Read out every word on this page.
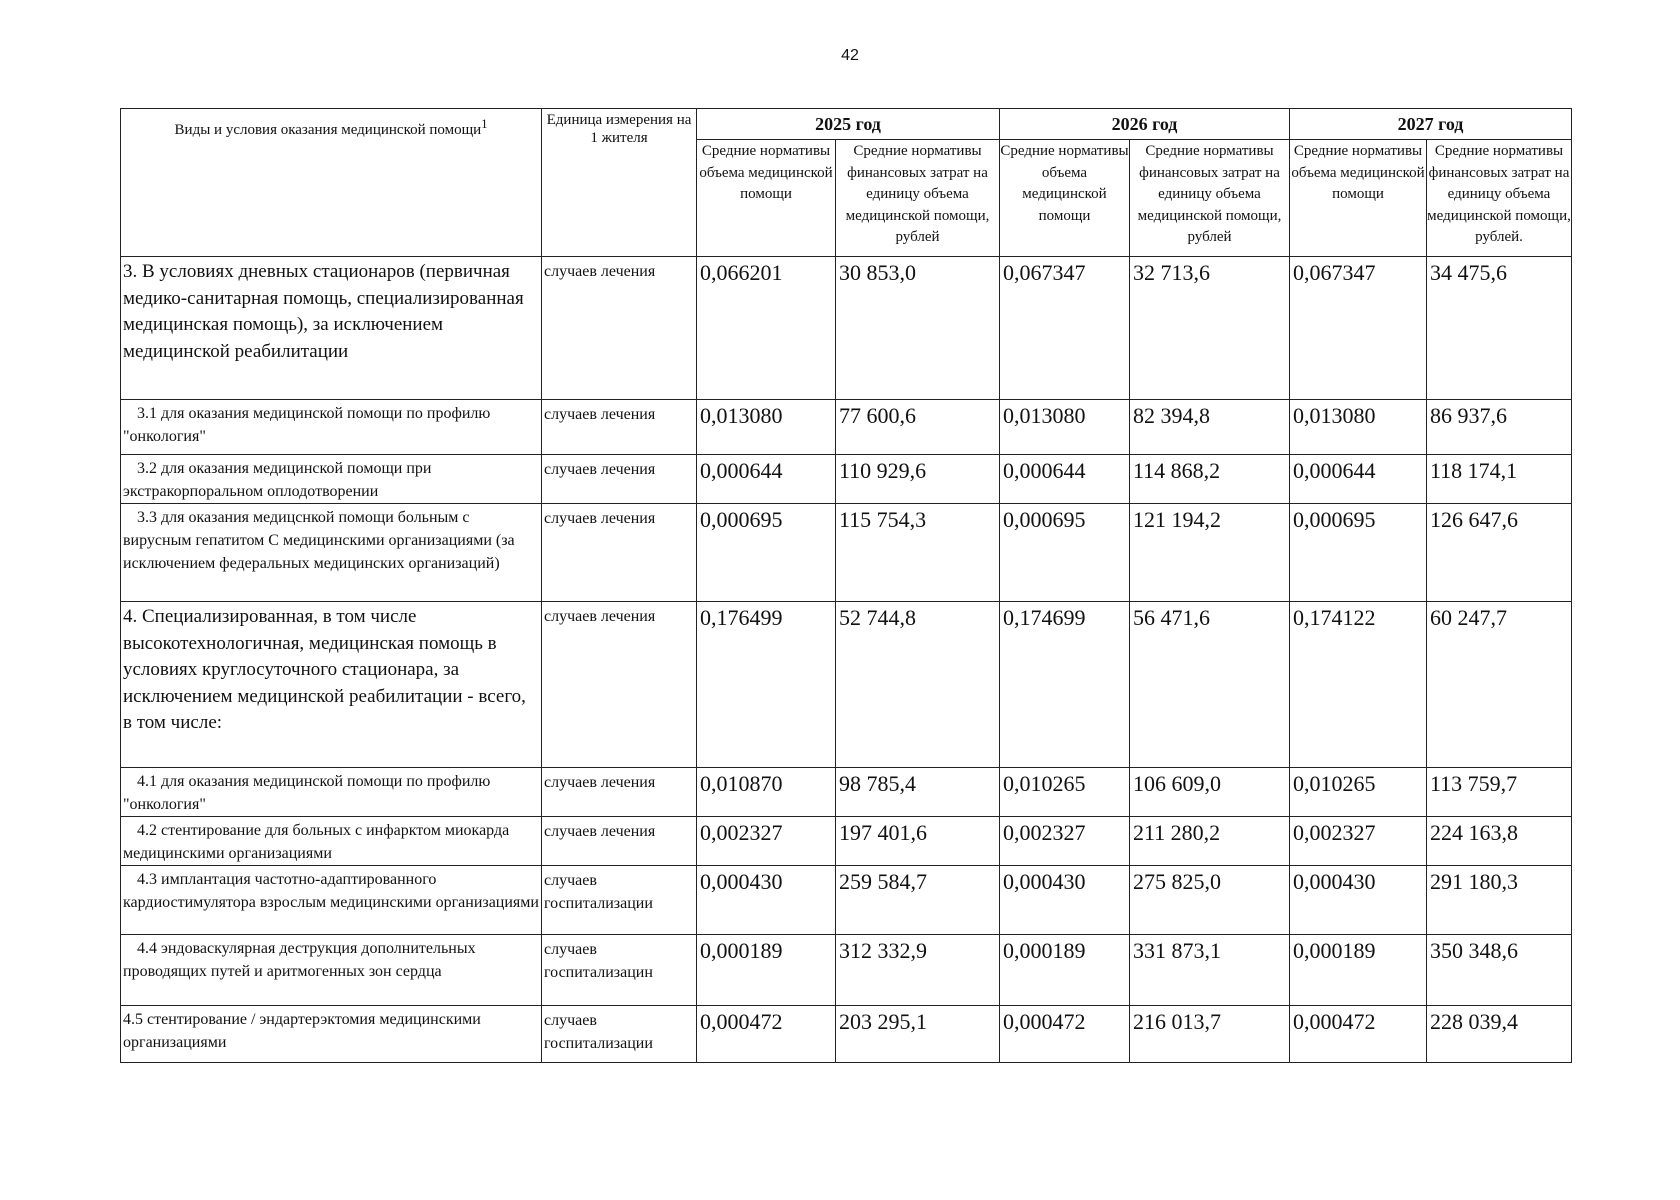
42
Виды и условия оказания медицинской помощи$^1$	Единица измерения на 1 жителя	2025 год		2026 год		2027 год	
		Средние нормативы объема медицинской помощи	Средние нормативы финансовых затрат на единицу объема медицинской помощи, рублей	Средние нормативы объема медицинской помощи	Средние нормативы финансовых затрат на единицу объема медицинской помощи, рублей	Средние нормативы объема медицинской помощи	Средние нормативы финансовых затрат на единицу объема медицинской помощи, рублей.
3. В условиях дневных стационаров (первичная медико-санитарная помощь, специализированная медицинская помощь), за исключением медицинской реабилитации	случаев лечения	0,066201	30 853,0	0,067347	32 713,6	0,067347	34 475,6
3.1 для оказания медицинской помощи по профилю "онкология"	случаев лечения	0,013080	77 600,6	0,013080	82 394,8	0,013080	86 937,6
3.2 для оказания медицинской помощи при экстракорпоральном оплодотворении	случаев лечения	0,000644	110 929,6	0,000644	114 868,2	0,000644	118 174,1
3.3 для оказания медицснкой помощи больным с вирусным гепатитом С медицинскими организациями (за исключением федеральных медицинских организаций)	случаев лечения	0,000695	115 754,3	0,000695	121 194,2	0,000695	126 647,6
4. Специализированная, в том числе высокотехнологичная, медицинская помощь в условиях круглосуточного стационара, за исключением медицинской реабилитации - всего, в том числе:	случаев лечения	0,176499	52 744,8	0,174699	56 471,6	0,174122	60 247,7
4.1 для оказания медицинской помощи по профилю "онкология"	случаев лечения	0,010870	98 785,4	0,010265	106 609,0	0,010265	113 759,7
4.2 стентирование для больных с инфарктом миокарда медицинскими организациями	случаев лечения	0,002327	197 401,6	0,002327	211 280,2	0,002327	224 163,8
4.3 имплантация частотно-адаптированного кардиостимулятора взрослым медицинскими организациями	случаев госпитализации	0,000430	259 584,7	0,000430	275 825,0	0,000430	291 180,3
4.4 эндоваскулярная деструкция дополнительных проводящих путей и аритмогенных зон сердца	случаев госпитализацин	0,000189	312 332,9	0,000189	331 873,1	0,000189	350 348,6
4.5 стентирование / эндартерэктомия медицинскими организациями	случаев госпитализации	0,000472	203 295,1	0,000472	216 013,7	0,000472	228 039,4
